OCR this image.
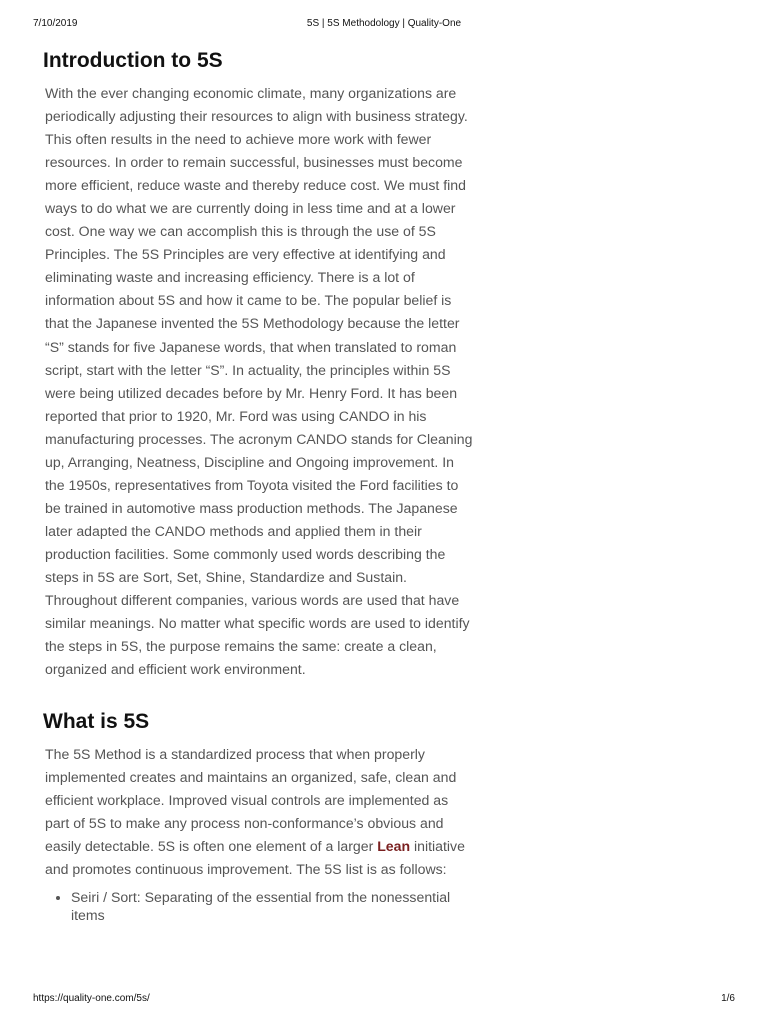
7/10/2019	5S | 5S Methodology | Quality-One
Introduction to 5S

With the ever changing economic climate, many organizations are periodically adjusting their resources to align with business strategy. This often results in the need to achieve more work with fewer resources. In order to remain successful, businesses must become more efficient, reduce waste and thereby reduce cost. We must find ways to do what we are currently doing in less time and at a lower cost. One way we can accomplish this is through the use of 5S Principles. The 5S Principles are very effective at identifying and eliminating waste and increasing efficiency. There is a lot of information about 5S and how it came to be. The popular belief is that the Japanese invented the 5S Methodology because the letter “S” stands for five Japanese words, that when translated to roman script, start with the letter “S”. In actuality, the principles within 5S were being utilized decades before by Mr. Henry Ford. It has been reported that prior to 1920, Mr. Ford was using CANDO in his manufacturing processes. The acronym CANDO stands for Cleaning up, Arranging, Neatness, Discipline and Ongoing improvement. In the 1950s, representatives from Toyota visited the Ford facilities to be trained in automotive mass production methods. The Japanese later adapted the CANDO methods and applied them in their production facilities. Some commonly used words describing the steps in 5S are Sort, Set, Shine, Standardize and Sustain. Throughout different companies, various words are used that have similar meanings. No matter what specific words are used to identify the steps in 5S, the purpose remains the same: create a clean, organized and efficient work environment.

What is 5S

The 5S Method is a standardized process that when properly implemented creates and maintains an organized, safe, clean and efficient workplace. Improved visual controls are implemented as part of 5S to make any process non-conformance’s obvious and easily detectable. 5S is often one element of a larger Lean initiative and promotes continuous improvement. The 5S list is as follows:

• Seiri / Sort: Separating of the essential from the nonessential items
https://quality-one.com/5s/	1/6
